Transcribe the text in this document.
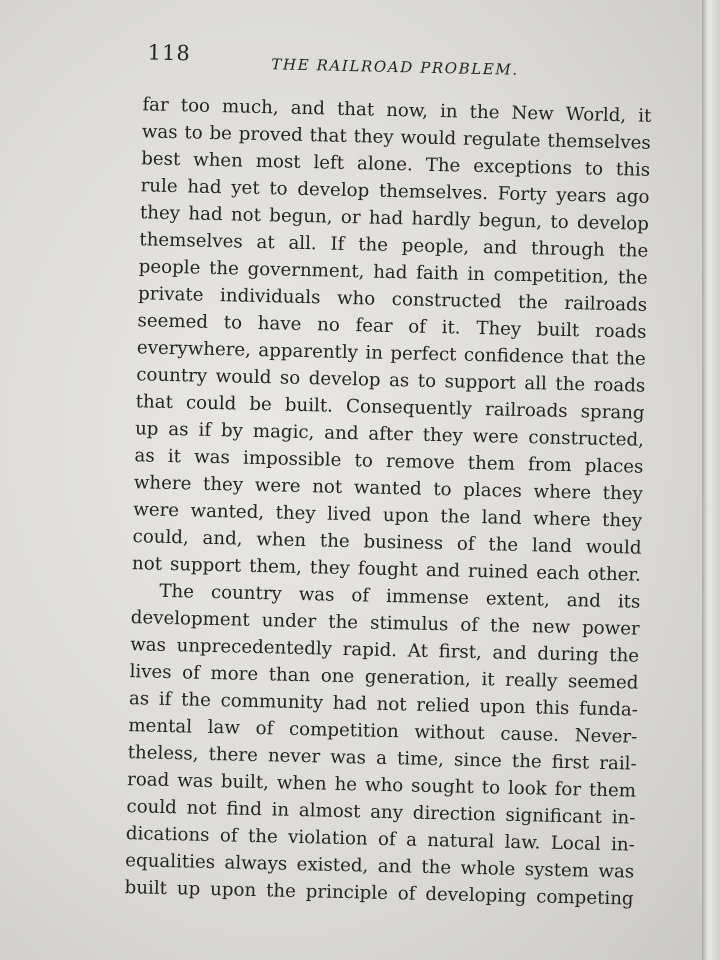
118
THE RAILROAD PROBLEM.
far too much, and that now, in the New World, it
was to be proved that they would regulate themselves
best when most left alone. The exceptions to this
rule had yet to develop themselves. Forty years ago
they had not begun, or had hardly begun, to develop
themselves at all. If the people, and through the
people the government, had faith in competition, the
private individuals who constructed the railroads
seemed to have no fear of it. They built roads
everywhere, apparently in perfect confidence that the
country would so develop as to support all the roads
that could be built. Consequently railroads sprang
up as if by magic, and after they were constructed,
as it was impossible to remove them from places
where they were not wanted to places where they
were wanted, they lived upon the land where they
could, and, when the business of the land would
not support them, they fought and ruined each other.
The country was of immense extent, and its
development under the stimulus of the new power
was unprecedentedly rapid. At first, and during the
lives of more than one generation, it really seemed
as if the community had not relied upon this funda-
mental law of competition without cause. Never-
theless, there never was a time, since the first rail-
road was built, when he who sought to look for them
could not find in almost any direction significant in-
dications of the violation of a natural law. Local in-
equalities always existed, and the whole system was
built up upon the principle of developing competing
